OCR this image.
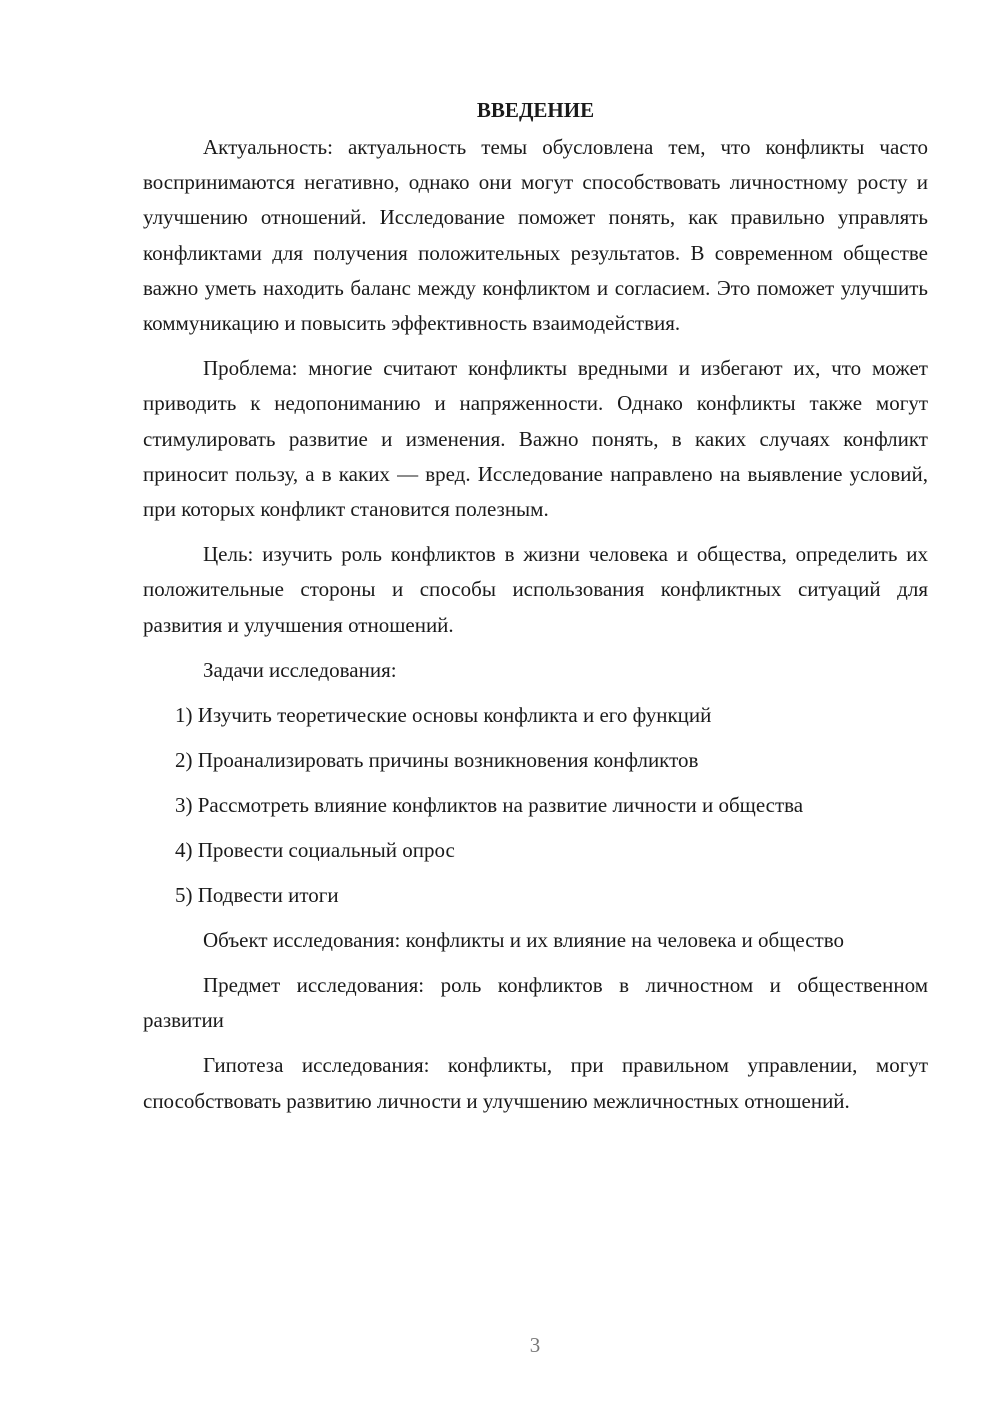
ВВЕДЕНИЕ

Актуальность: актуальность темы обусловлена тем, что конфликты часто воспринимаются негативно, однако они могут способствовать личностному росту и улучшению отношений. Исследование поможет понять, как правильно управлять конфликтами для получения положительных результатов. В современном обществе важно уметь находить баланс между конфликтом и согласием. Это поможет улучшить коммуникацию и повысить эффективность взаимодействия.

Проблема: многие считают конфликты вредными и избегают их, что может приводить к недопониманию и напряженности. Однако конфликты также могут стимулировать развитие и изменения. Важно понять, в каких случаях конфликт приносит пользу, а в каких — вред. Исследование направлено на выявление условий, при которых конфликт становится полезным.

Цель: изучить роль конфликтов в жизни человека и общества, определить их положительные стороны и способы использования конфликтных ситуаций для развития и улучшения отношений.

Задачи исследования:
1) Изучить теоретические основы конфликта и его функций
2) Проанализировать причины возникновения конфликтов
3) Рассмотреть влияние конфликтов на развитие личности и общества
4) Провести социальный опрос
5) Подвести итоги

Объект исследования: конфликты и их влияние на человека и общество

Предмет исследования: роль конфликтов в личностном и общественном развитии

Гипотеза исследования: конфликты, при правильном управлении, могут способствовать развитию личности и улучшению межличностных отношений.

3
